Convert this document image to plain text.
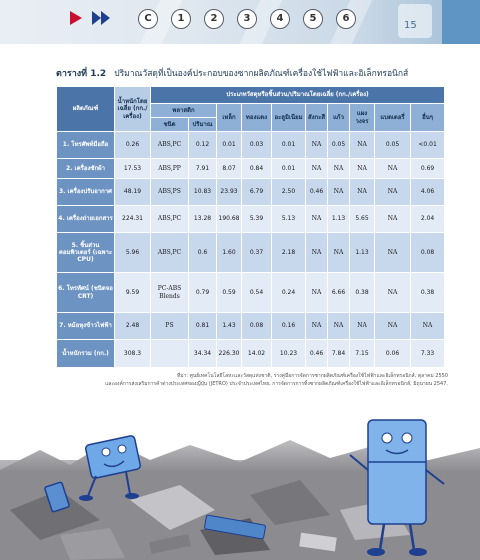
C	1	2	3	4	5	6
15
ตารางที่ 1.2 ปริมาณวัสดุที่เป็นองค์ประกอบของซากผลิตภัณฑ์เครื่องใช้ไฟฟ้าและอิเล็กทรอนิกส์
ผลิตภัณฑ์	น้ำหนักโดยเฉลี่ย (กก./เครื่อง)	ประเภทวัสดุหรือชิ้นส่วน/ปริมาณโดยเฉลี่ย (กก./เครื่อง)									
		พลาสติก		เหล็ก	ทองแดง	อะลูมิเนียม	สังกะสี	แก้ว	แผงวงจร	แบตเตอรี่	อื่นๆ
		ชนิด	ปริมาณ								
1. โทรศัพท์มือถือ	0.26	ABS,PC	0.12	0.01	0.03	0.01	NA	0.05	NA	0.05	<0.01
2. เครื่องซักผ้า	17.53	ABS,PP	7.91	8.07	0.84	0.01	NA	NA	NA	NA	0.69
3. เครื่องปรับอากาศ	48.19	ABS,PS	10.83	23.93	6.79	2.50	0.46	NA	NA	NA	4.06
4. เครื่องถ่ายเอกสาร	224.31	ABS,PC	13.28	190.68	5.39	5.13	NA	1.13	5.65	NA	2.04
5. ชิ้นส่วนคอมพิวเตอร์ (เฉพาะ CPU)	5.96	ABS,PC	0.6	1.60	0.37	2.18	NA	NA	1.13	NA	0.08
6. โทรทัศน์ (ชนิดจอ CRT)	9.59	PC-ABS Blends	0.79	0.59	0.54	0.24	NA	6.66	0.38	NA	0.38
7. หม้อหุงข้าวไฟฟ้า	2.48	PS	0.81	1.43	0.08	0.16	NA	NA	NA	NA	NA
น้ำหนักรวม (กก.)	308.3		34.34	226.30	14.02	10.23	0.46	7.84	7.15	0.06	7.33
ที่มา: ศูนย์เทคโนโลยีโลหะและวัสดุแห่งชาติ, ร่างคู่มือการจัดการซากผลิตภัณฑ์เครื่องใช้ไฟฟ้าและอิเล็กทรอนิกส์, ตุลาคม 2550
และองค์การส่งเสริมการค้าต่างประเทศของญี่ปุ่น (JETRO) ประจำประเทศไทย, การจัดการการทิ้งซากผลิตภัณฑ์เครื่องใช้ไฟฟ้าและอิเล็กทรอนิกส์, มิถุนายน 2547.
